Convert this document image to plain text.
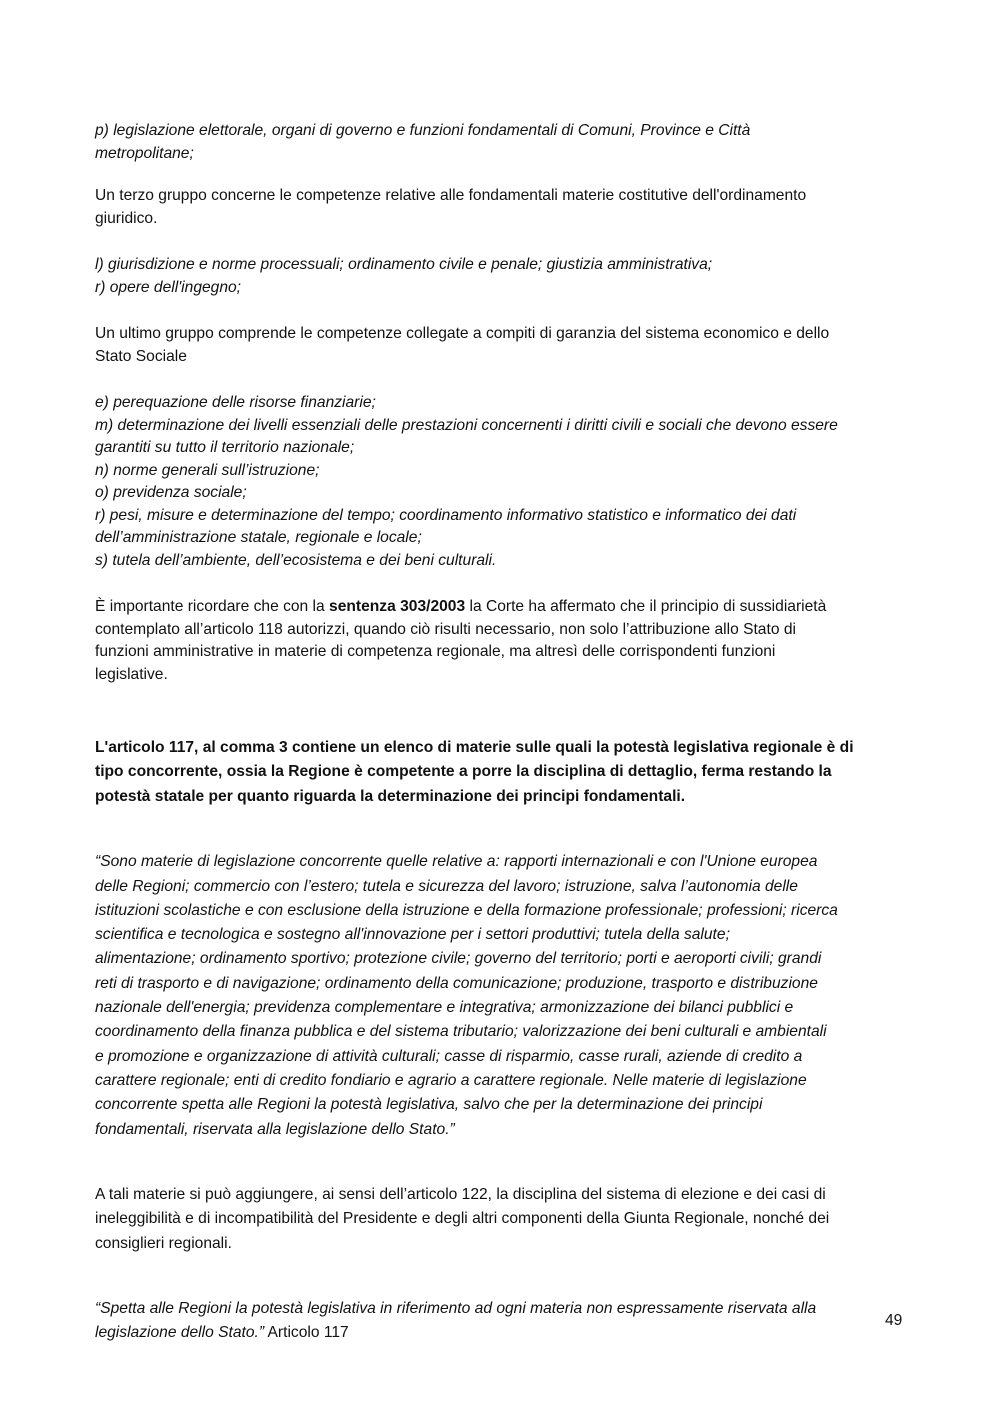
p) legislazione elettorale, organi di governo e funzioni fondamentali di Comuni, Province e Città
metropolitane;

Un terzo gruppo concerne le competenze relative alle fondamentali materie costitutive dell'ordinamento
giuridico.

l) giurisdizione e norme processuali; ordinamento civile e penale; giustizia amministrativa;
r) opere dell'ingegno;

Un ultimo gruppo comprende le competenze collegate a compiti di garanzia del sistema economico e dello
Stato Sociale

e) perequazione delle risorse finanziarie;
m) determinazione dei livelli essenziali delle prestazioni concernenti i diritti civili e sociali che devono essere
garantiti su tutto il territorio nazionale;
n) norme generali sull’istruzione;
o) previdenza sociale;
r) pesi, misure e determinazione del tempo; coordinamento informativo statistico e informatico dei dati
dell’amministrazione statale, regionale e locale;
s) tutela dell’ambiente, dell’ecosistema e dei beni culturali.

È importante ricordare che con la sentenza 303/2003 la Corte ha affermato che il principio di sussidiarietà
contemplato all’articolo 118 autorizzi, quando ciò risulti necessario, non solo l’attribuzione allo Stato di
funzioni amministrative in materie di competenza regionale, ma altresì delle corrispondenti funzioni
legislative.

L'articolo 117, al comma 3 contiene un elenco di materie sulle quali la potestà legislativa regionale è di
tipo concorrente, ossia la Regione è competente a porre la disciplina di dettaglio, ferma restando la
potestà statale per quanto riguarda la determinazione dei principi fondamentali.

“Sono materie di legislazione concorrente quelle relative a: rapporti internazionali e con l'Unione europea
delle Regioni; commercio con l’estero; tutela e sicurezza del lavoro; istruzione, salva l’autonomia delle
istituzioni scolastiche e con esclusione della istruzione e della formazione professionale; professioni; ricerca
scientifica e tecnologica e sostegno all'innovazione per i settori produttivi; tutela della salute;
alimentazione; ordinamento sportivo; protezione civile; governo del territorio; porti e aeroporti civili; grandi
reti di trasporto e di navigazione; ordinamento della comunicazione; produzione, trasporto e distribuzione
nazionale dell'energia; previdenza complementare e integrativa; armonizzazione dei bilanci pubblici e
coordinamento della finanza pubblica e del sistema tributario; valorizzazione dei beni culturali e ambientali
e promozione e organizzazione di attività culturali; casse di risparmio, casse rurali, aziende di credito a
carattere regionale; enti di credito fondiario e agrario a carattere regionale. Nelle materie di legislazione
concorrente spetta alle Regioni la potestà legislativa, salvo che per la determinazione dei principi
fondamentali, riservata alla legislazione dello Stato.”

A tali materie si può aggiungere, ai sensi dell’articolo 122, la disciplina del sistema di elezione e dei casi di
ineleggibilità e di incompatibilità del Presidente e degli altri componenti della Giunta Regionale, nonché dei
consiglieri regionali.

“Spetta alle Regioni la potestà legislativa in riferimento ad ogni materia non espressamente riservata alla
legislazione dello Stato.” Articolo 117

49
